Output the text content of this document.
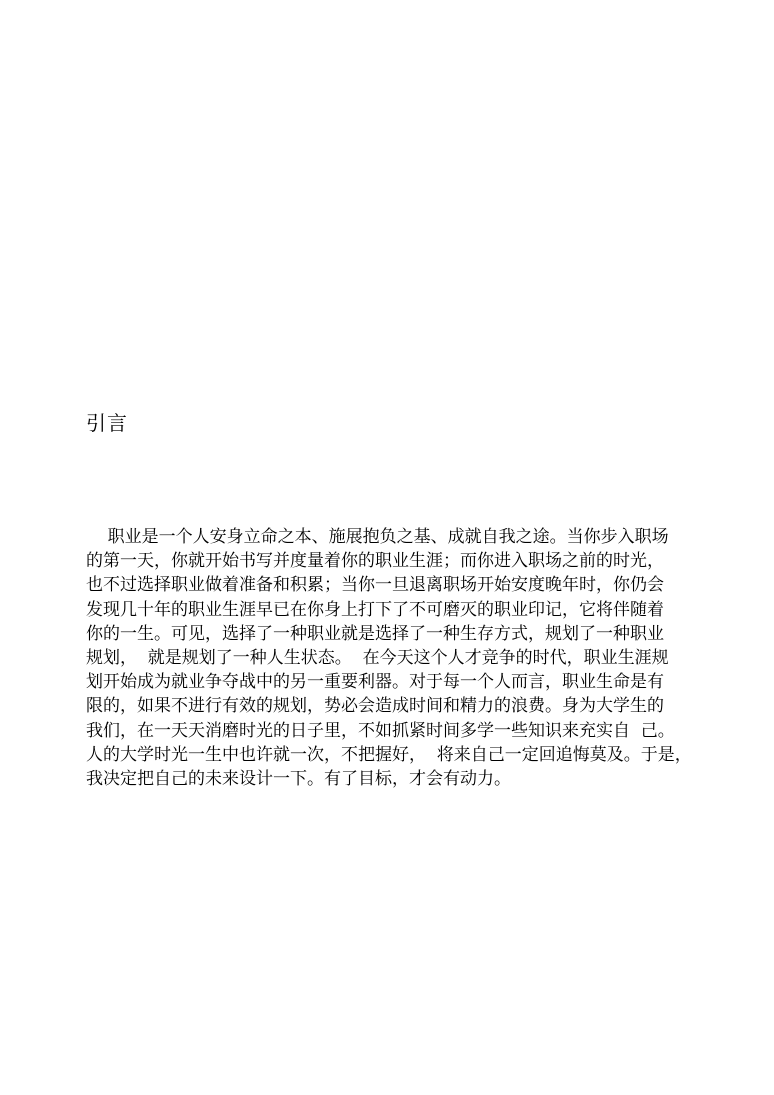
引言
职业是一个人安身立命之本、施展抱负之基、成就自我之途。当你步入职场
的第一天，你就开始书写并度量着你的职业生涯；而你进入职场之前的时光，
也不过选择职业做着准备和积累；当你一旦退离职场开始安度晚年时，你仍会
发现几十年的职业生涯早已在你身上打下了不可磨灭的职业印记，它将伴随着
你的一生。可见，选择了一种职业就是选择了一种生存方式，规划了一种职业
规划，  就是规划了一种人生状态。  在今天这个人才竞争的时代，职业生涯规
划开始成为就业争夺战中的另一重要利器。对于每一个人而言，职业生命是有
限的，如果不进行有效的规划，势必会造成时间和精力的浪费。身为大学生的
我们，在一天天消磨时光的日子里，不如抓紧时间多学一些知识来充实自  己。
人的大学时光一生中也许就一次，不把握好，  将来自己一定回追悔莫及。于是，
我决定把自己的未来设计一下。有了目标，才会有动力。
